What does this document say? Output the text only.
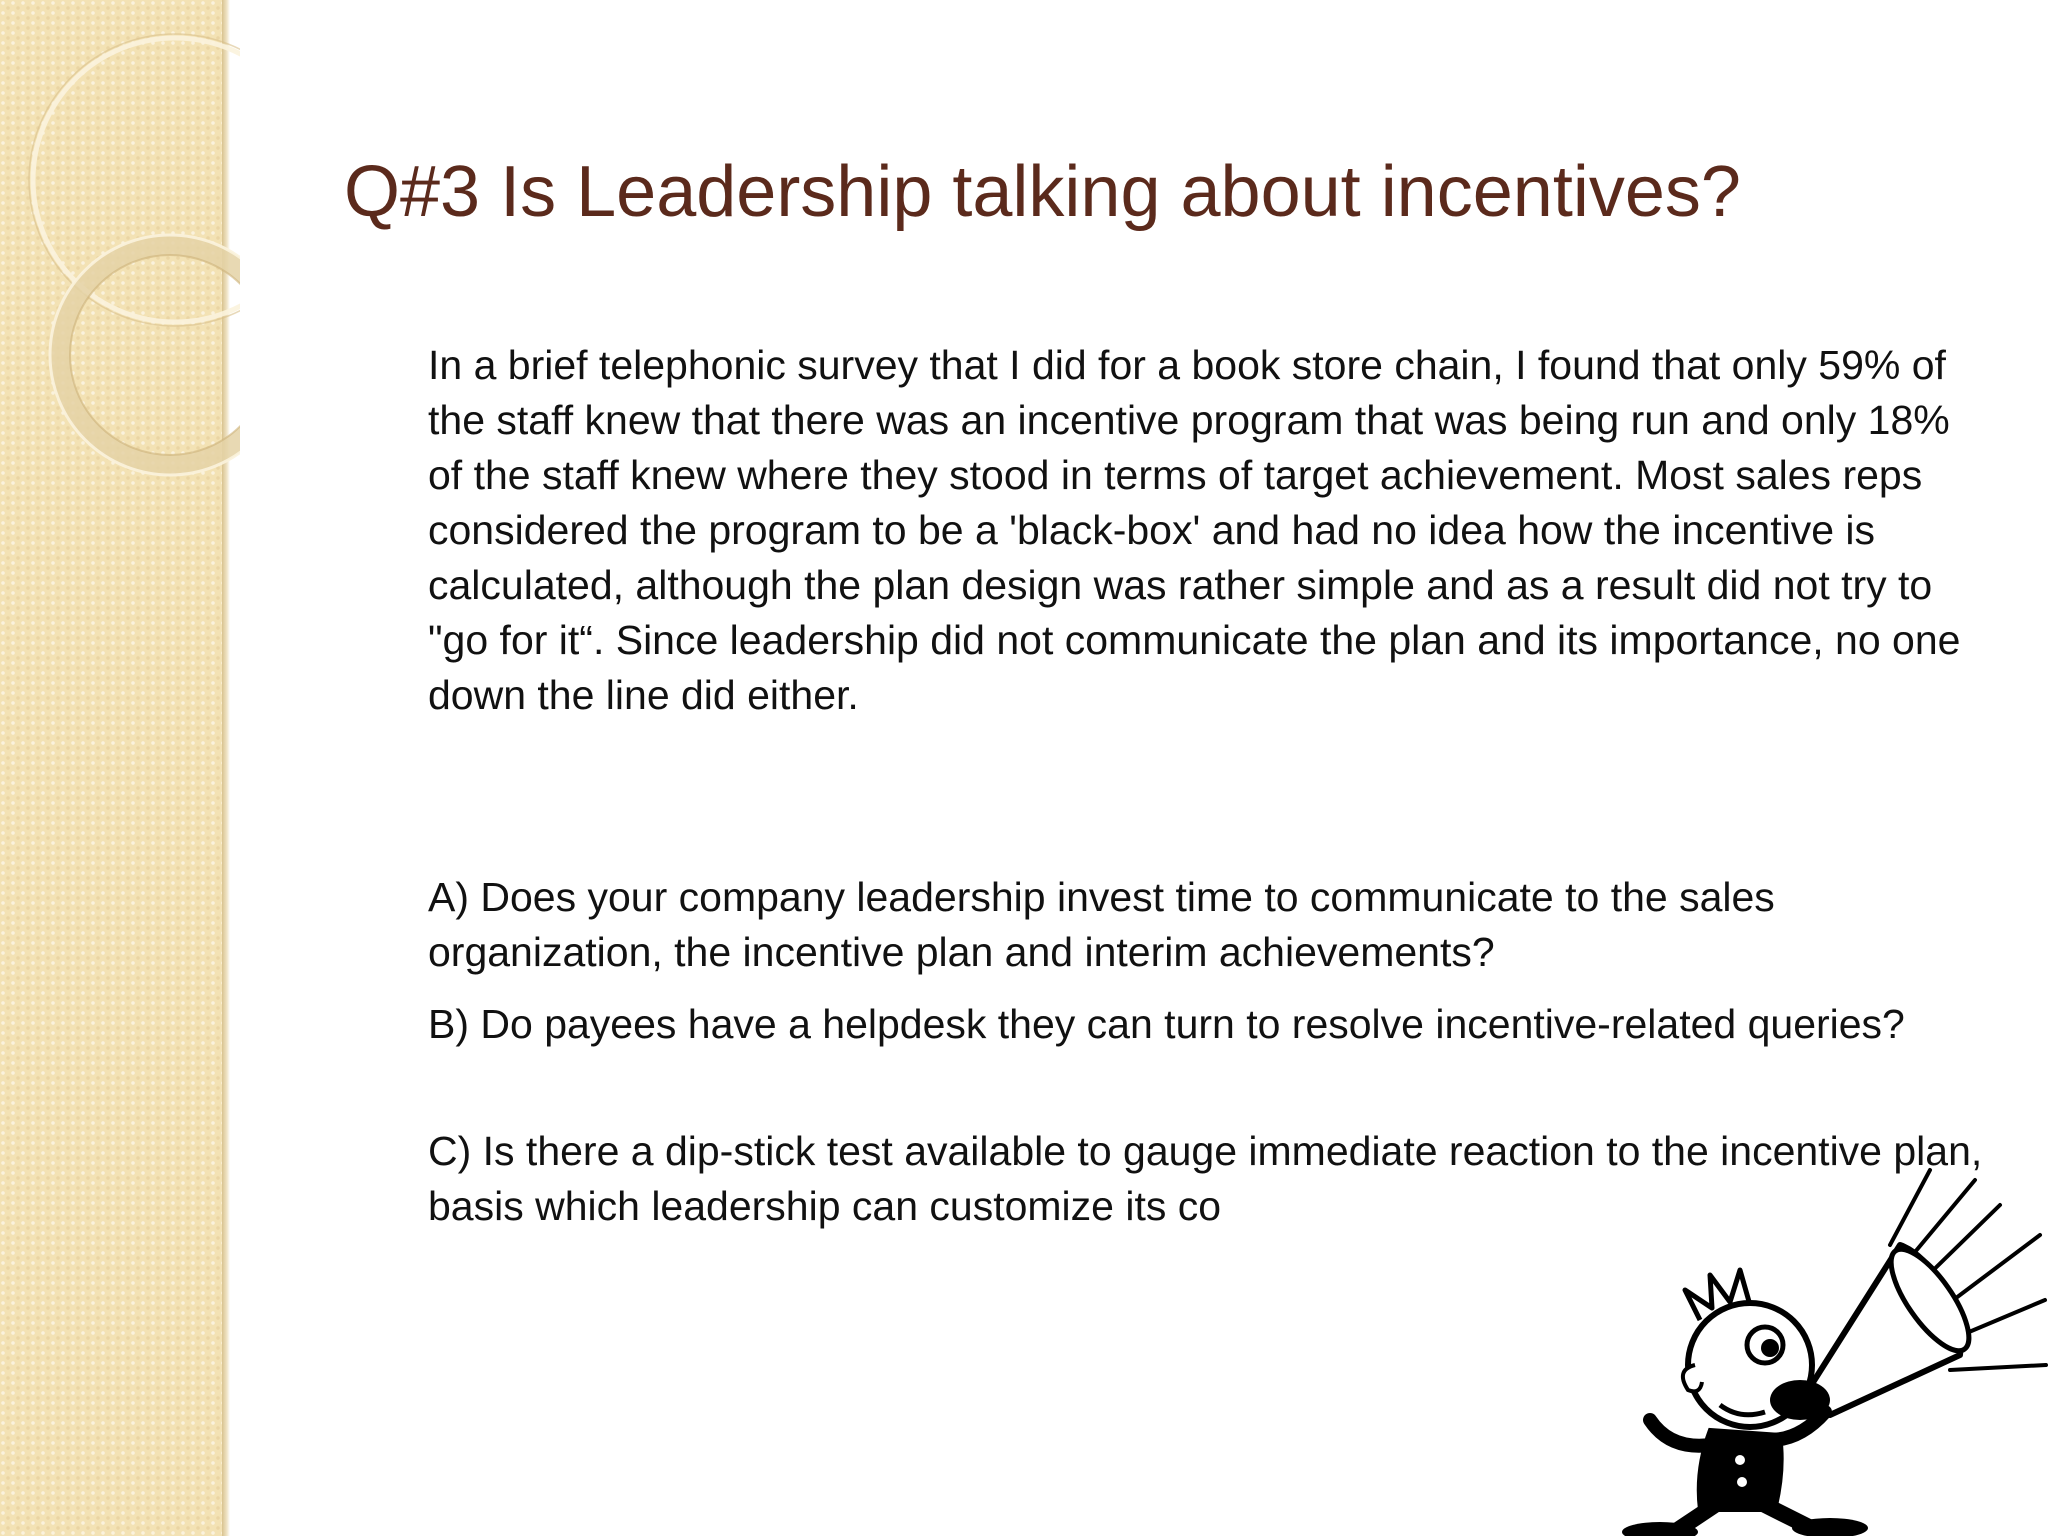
Q#3 Is Leadership talking about incentives?

In a brief telephonic survey that I did for a book store chain, I found that only 59% of the staff knew that there was an incentive program that was being run and only 18% of the staff knew where they stood in terms of target achievement. Most sales reps considered the program to be a 'black-box' and had no idea how the incentive is calculated, although the plan design was rather simple and as a result did not try to "go for it“. Since leadership did not communicate the plan and its importance, no one down the line did either.

A) Does your company leadership invest time to communicate to the sales organization, the incentive plan and interim achievements?

B) Do payees have a helpdesk they can turn to resolve incentive-related queries?

C) Is there a dip-stick test available to gauge immediate reaction to the incentive plan, basis which leadership can customize its co
